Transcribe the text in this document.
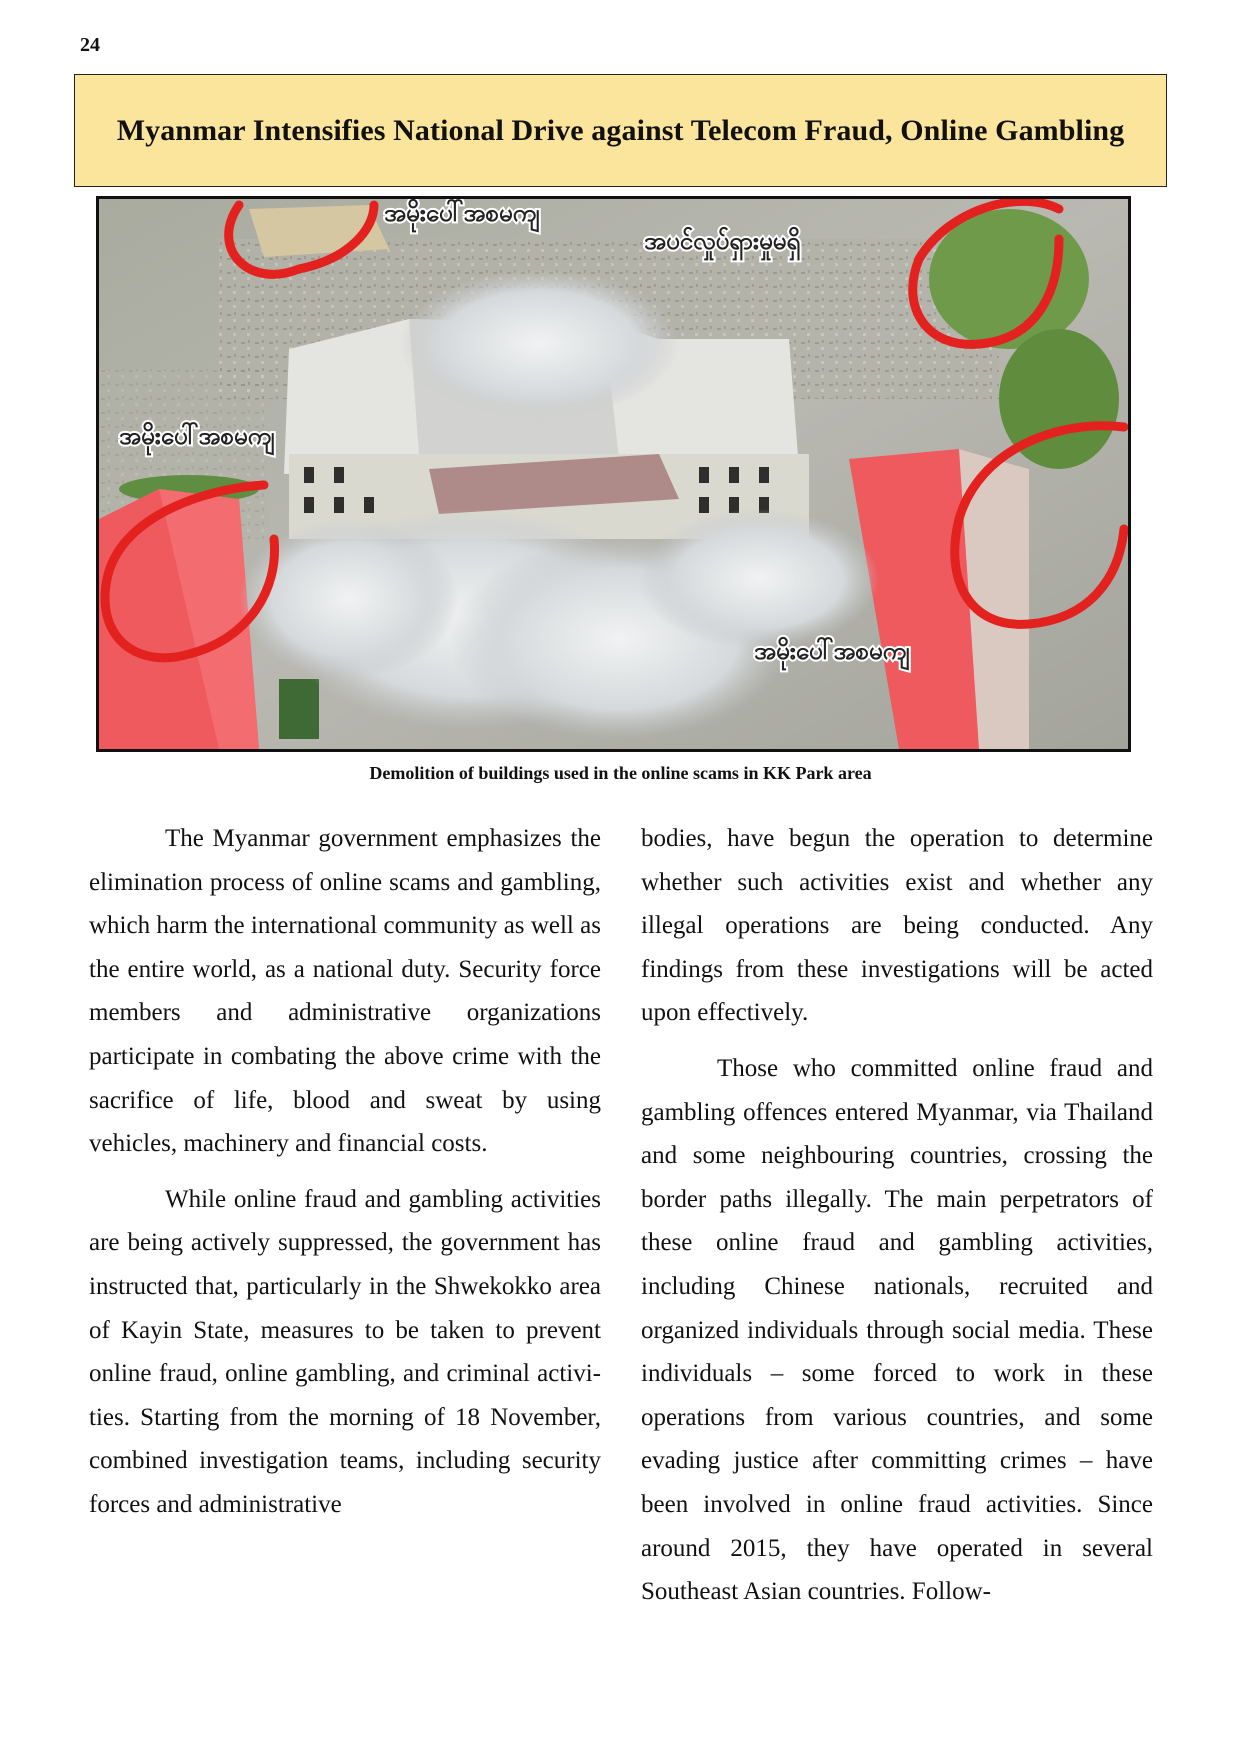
24
Myanmar Intensifies National Drive against Telecom Fraud, Online Gambling
အမိုးပေါ်အစမကျ
အပင်လှုပ်ရှားမှုမရှိ
အမိုးပေါ်အစမကျ
အမိုးပေါ်အစမကျ
Demolition of buildings used in the online scams in KK Park area

The Myanmar government emphasizes the elimination process of online scams and gambling, which harm the international community as well as the entire world, as a national duty. Security force members and administrative organizations participate in combating the above crime with the sacrifice of life, blood and sweat by using vehicles, machinery and financial costs.

While online fraud and gambling activities are being actively suppressed, the government has instructed that, particularly in the Shwekokko area of Kayin State, measures to be taken to prevent online fraud, online gambling, and criminal activities. Starting from the morning of 18 November, combined investigation teams, including security forces and administrative

bodies, have begun the operation to determine whether such activities exist and whether any illegal operations are being conducted. Any findings from these investigations will be acted upon effectively.

Those who committed online fraud and gambling offences entered Myanmar, via Thailand and some neighbouring countries, crossing the border paths illegally. The main perpetrators of these online fraud and gambling activities, including Chinese nationals, recruited and organized individuals through social media. These individuals – some forced to work in these operations from various countries, and some evading justice after committing crimes – have been involved in online fraud activities. Since around 2015, they have operated in several Southeast Asian countries. Follow-
